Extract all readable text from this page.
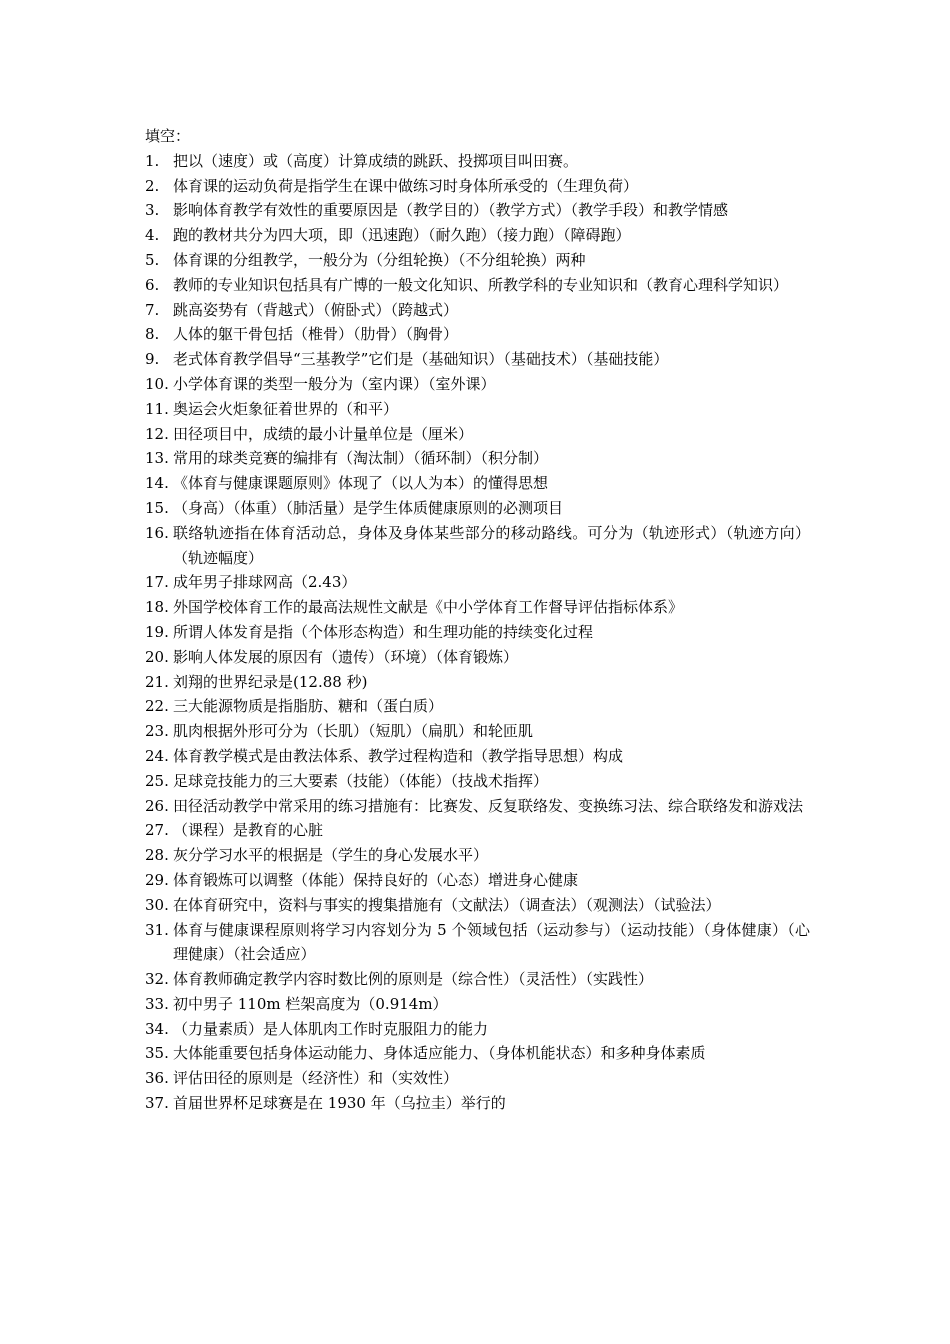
填空：
1. 把以（速度）或（高度）计算成绩的跳跃、投掷项目叫田赛。
2. 体育课的运动负荷是指学生在课中做练习时身体所承受的（生理负荷）
3. 影响体育教学有效性的重要原因是（教学目的）（教学方式）（教学手段）和教学情感
4. 跑的教材共分为四大项，即（迅速跑）（耐久跑）（接力跑）（障碍跑）
5. 体育课的分组教学，一般分为（分组轮换）（不分组轮换）两种
6. 教师的专业知识包括具有广博的一般文化知识、所教学科的专业知识和（教育心理科学知识）
7. 跳高姿势有（背越式）（俯卧式）（跨越式）
8. 人体的躯干骨包括（椎骨）（肋骨）（胸骨）
9. 老式体育教学倡导“三基教学”它们是（基础知识）（基础技术）（基础技能）
10. 小学体育课的类型一般分为（室内课）（室外课）
11. 奥运会火炬象征着世界的（和平）
12. 田径项目中，成绩的最小计量单位是（厘米）
13. 常用的球类竞赛的编排有（淘汰制）（循环制）（积分制）
14. 《体育与健康课题原则》体现了（以人为本）的懂得思想
15. （身高）（体重）（肺活量）是学生体质健康原则的必测项目
16. 联络轨迹指在体育活动总，身体及身体某些部分的移动路线。可分为（轨迹形式）（轨迹方向）（轨迹幅度）
17. 成年男子排球网高（2.43）
18. 外国学校体育工作的最高法规性文献是《中小学体育工作督导评估指标体系》
19. 所谓人体发育是指（个体形态构造）和生理功能的持续变化过程
20. 影响人体发展的原因有（遗传）（环境）（体育锻炼）
21. 刘翔的世界纪录是(12.88 秒)
22. 三大能源物质是指脂肪、糖和（蛋白质）
23. 肌肉根据外形可分为（长肌）（短肌）（扁肌）和轮匝肌
24. 体育教学模式是由教法体系、教学过程构造和（教学指导思想）构成
25. 足球竞技能力的三大要素（技能）（体能）（技战术指挥）
26. 田径活动教学中常采用的练习措施有：比赛发、反复联络发、变换练习法、综合联络发和游戏法
27. （课程）是教育的心脏
28. 灰分学习水平的根据是（学生的身心发展水平）
29. 体育锻炼可以调整（体能）保持良好的（心态）增进身心健康
30. 在体育研究中，资料与事实的搜集措施有（文献法）（调查法）（观测法）（试验法）
31. 体育与健康课程原则将学习内容划分为 5 个领域包括（运动参与）（运动技能）（身体健康）（心理健康）（社会适应）
32. 体育教师确定教学内容时数比例的原则是（综合性）（灵活性）（实践性）
33. 初中男子 110m 栏架高度为（0.914m）
34. （力量素质）是人体肌肉工作时克服阻力的能力
35. 大体能重要包括身体运动能力、身体适应能力、（身体机能状态）和多种身体素质
36. 评估田径的原则是（经济性）和（实效性）
37. 首届世界杯足球赛是在 1930 年（乌拉圭）举行的
